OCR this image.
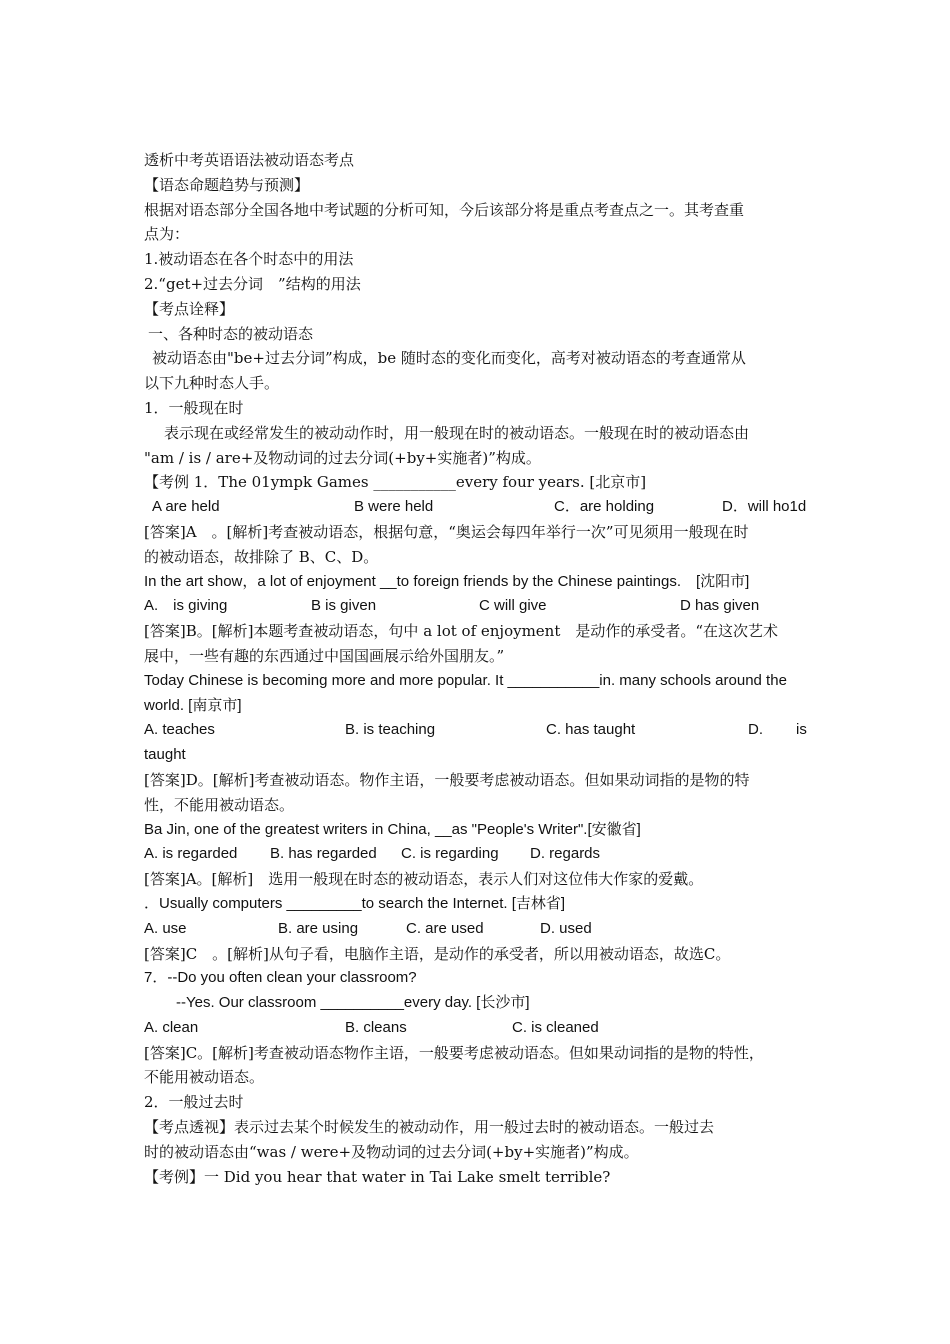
透析中考英语语法被动语态考点
【语态命题趋势与预测】
根据对语态部分全国各地中考试题的分析可知，今后该部分将是重点考查点之一。其考查重
点为：
1.被动语态在各个时态中的用法
2.“get+过去分词　”结构的用法
【考点诠释】
一、各种时态的被动语态
被动语态由"be+过去分词”构成，be 随时态的变化而变化，高考对被动语态的考查通常从
以下九种时态人手。
1．一般现在时
表示现在或经常发生的被动动作时，用一般现在时的被动语态。一般现在时的被动语态由
"am / is / are+及物动词的过去分词(+by+实施者)”构成。
【考例 1．The 01ympk Games ___________every four years. [北京市]
A are held	B were held	C．are holding	D．will ho1d
[答案]A　。[解析]考查被动语态，根据句意，“奥运会每四年举行一次”可见须用一般现在时
的被动语态，故排除了 B、C、D。
In the art show，a lot of enjoyment __to foreign friends by the Chinese paintings.　[沈阳市]
A.　is giving	B is given	C will give	D has given
[答案]B。[解析]本题考查被动语态，句中 a lot of enjoyment　是动作的承受者。“在这次艺术
展中，一些有趣的东西通过中国国画展示给外国朋友。”
Today Chinese is becoming more and more popular. It ___________in. many schools around the
world. [南京市]
A. teaches	B. is teaching	C. has taught	D.	is
taught
[答案]D。[解析]考查被动语态。物作主语，一般要考虑被动语态。但如果动词指的是物的特
性，不能用被动语态。
Ba Jin, one of the greatest writers in China, __as "People's Writer".[安徽省]
A. is regarded	B. has regarded	C. is regarding	D. regards
[答案]A。[解析]　选用一般现在时态的被动语态，表示人们对这位伟大作家的爱戴。
．Usually computers _________to search the Internet. [吉林省]
A. use	B. are using	C. are used	D. used
[答案]C　。[解析]从句子看，电脑作主语，是动作的承受者，所以用被动语态，故选C。
7．--Do you often clean your classroom?
--Yes. Our classroom __________every day. [长沙市]
A. clean	B. cleans	C. is cleaned
[答案]C。[解析]考查被动语态物作主语，一般要考虑被动语态。但如果动词指的是物的特性，
不能用被动语态。
2．一般过去时
【考点透视】表示过去某个时候发生的被动动作，用一般过去时的被动语态。一般过去
时的被动语态由“was / were+及物动词的过去分词(+by+实施者)”构成。
【考例】一 Did you hear that water in Tai Lake smelt terrible?
